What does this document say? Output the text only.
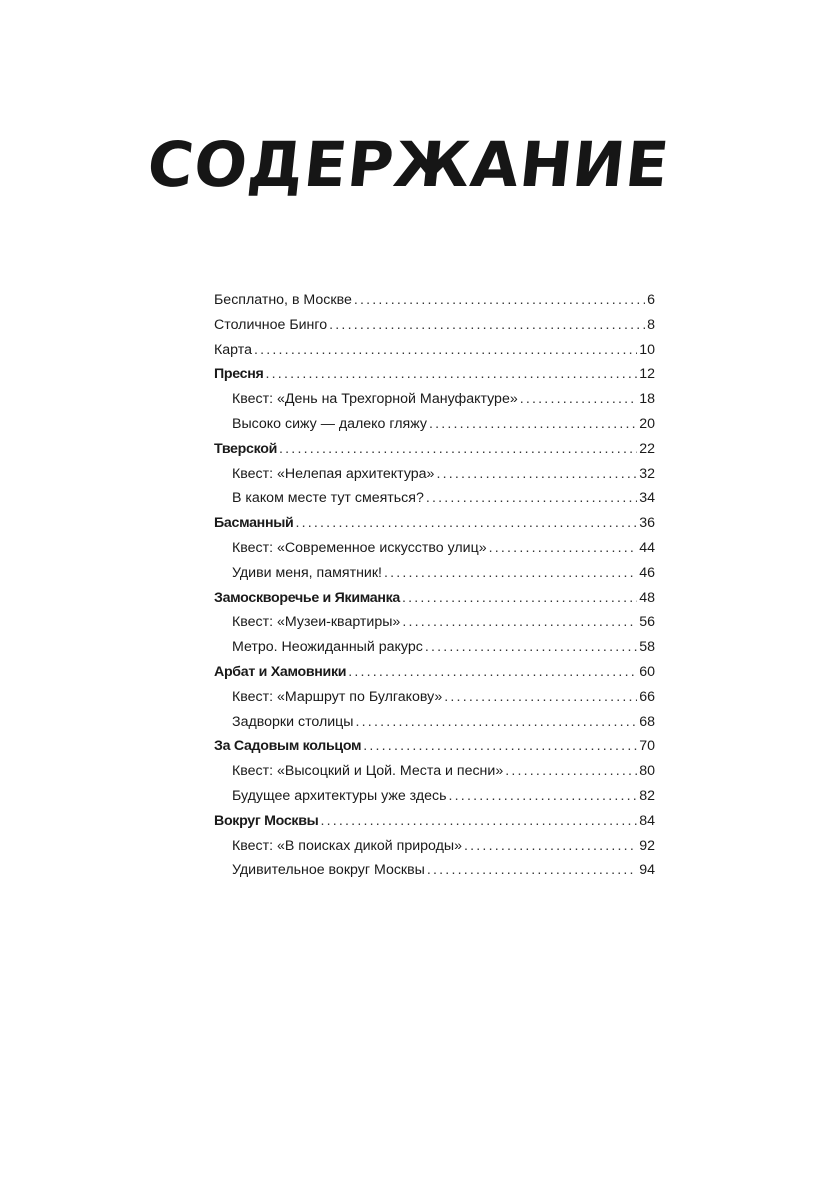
СОДЕРЖАНИЕ
Бесплатно, в Москве .....	6
Столичное Бинго .....	8
Карта .....	10
Пресня .....	12
Квест: «День на Трехгорной Мануфактуре» .....	18
Высоко сижу — далеко гляжу .....	20
Тверской .....	22
Квест: «Нелепая архитектура» .....	32
В каком месте тут смеяться? .....	34
Басманный .....	36
Квест: «Современное искусство улиц» .....	44
Удиви меня, памятник! .....	46
Замоскворечье и Якиманка .....	48
Квест: «Музеи-квартиры» .....	56
Метро. Неожиданный ракурс .....	58
Арбат и Хамовники .....	60
Квест: «Маршрут по Булгакову» .....	66
Задворки столицы .....	68
За Садовым кольцом .....	70
Квест: «Высоцкий и Цой. Места и песни» .....	80
Будущее архитектуры уже здесь .....	82
Вокруг Москвы .....	84
Квест: «В поисках дикой природы» .....	92
Удивительное вокруг Москвы .....	94
